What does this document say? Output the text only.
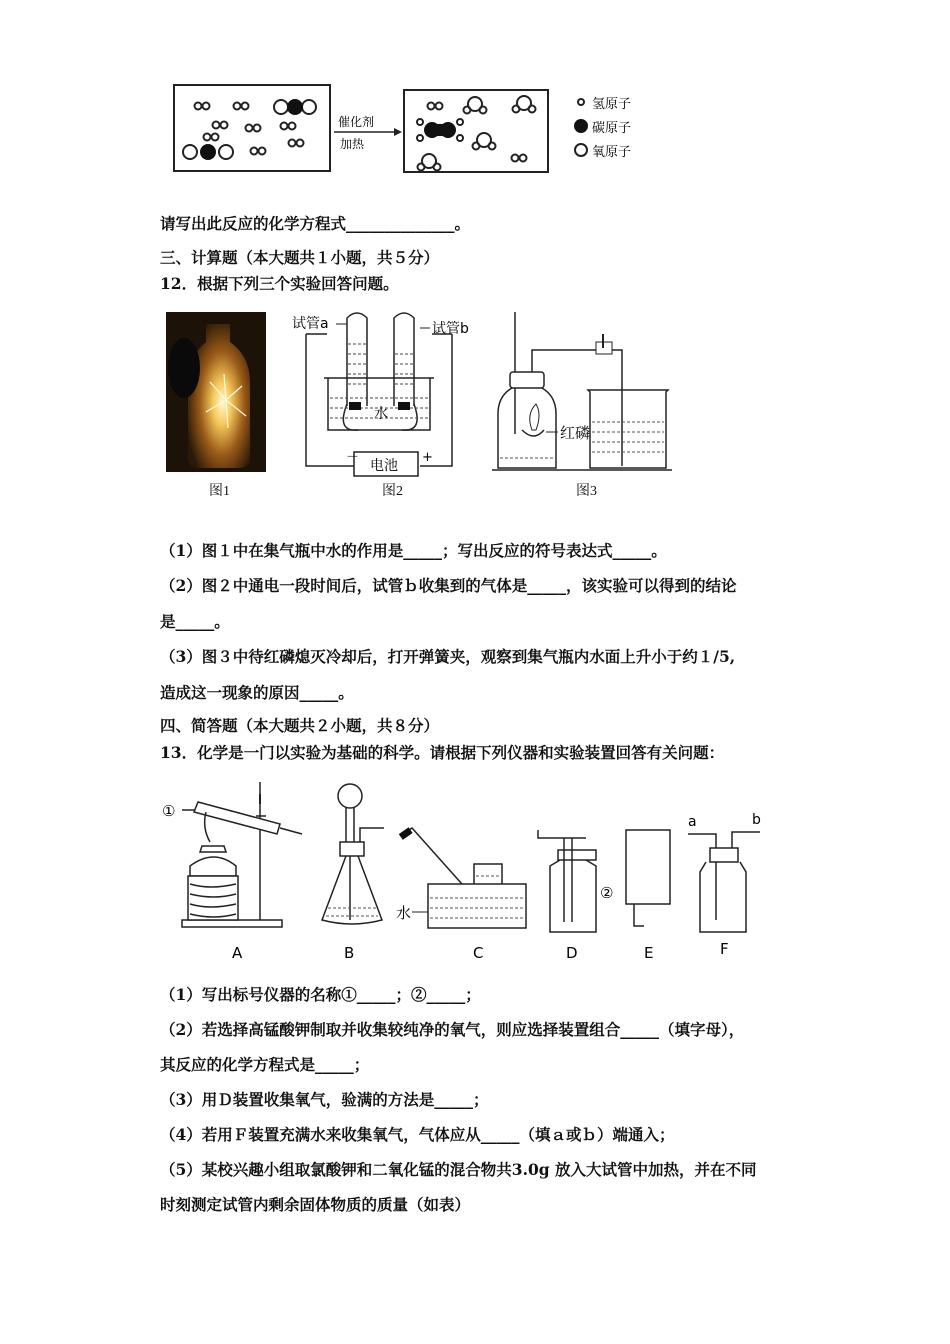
催化剂
加热
氢原子
碳原子
氧原子
请写出此反应的化学方程式______________。
三、计算题（本大题共１小题，共５分）
12．根据下列三个实验回答问题。
图1
试管a	试管b
水
电池
－	+
图2
红磷
图3
（1）图１中在集气瓶中水的作用是_____；写出反应的符号表达式_____。
（2）图２中通电一段时间后，试管ｂ收集到的气体是_____，该实验可以得到的结论
是_____。
（3）图３中待红磷熄灭冷却后，打开弹簧夹，观察到集气瓶内水面上升小于约１/5,
造成这一现象的原因_____。
四、简答题（本大题共２小题，共８分）
13．化学是一门以实验为基础的科学。请根据下列仪器和实验装置回答有关问题：
①
A	B
水
C
②
D	E
a	b
F
（1）写出标号仪器的名称①_____；②_____；
（2）若选择高锰酸钾制取并收集较纯净的氧气，则应选择装置组合_____（填字母），
其反应的化学方程式是_____；
（3）用Ｄ装置收集氧气，验满的方法是_____；
（4）若用Ｆ装置充满水来收集氧气，气体应从_____（填ａ或ｂ）端通入；
（5）某校兴趣小组取氯酸钾和二氧化锰的混合物共3.0g 放入大试管中加热，并在不同
时刻测定试管内剩余固体物质的质量（如表）
